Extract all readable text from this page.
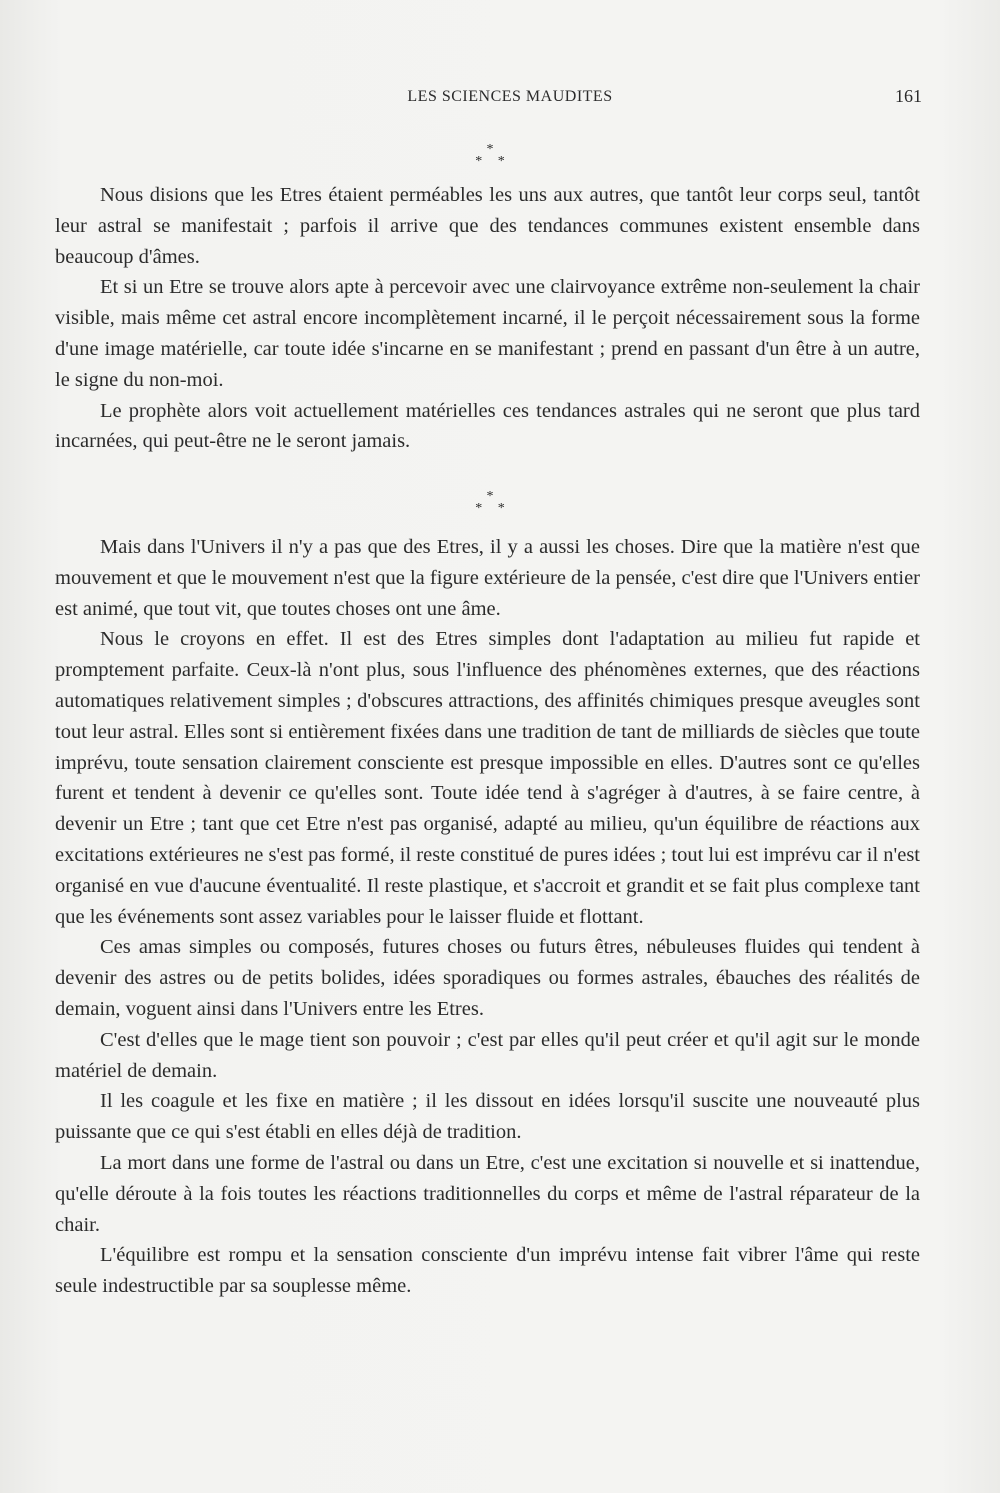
LES SCIENCES MAUDITES	161
*
* *

Nous disions que les Etres étaient perméables les uns aux autres, que tantôt leur corps seul, tantôt leur astral se manifestait ; parfois il arrive que des tendances communes existent ensemble dans beaucoup d'âmes.

Et si un Etre se trouve alors apte à percevoir avec une clairvoyance extrême non-seulement la chair visible, mais même cet astral encore incomplètement incarné, il le perçoit nécessairement sous la forme d'une image matérielle, car toute idée s'incarne en se manifestant ; prend en passant d'un être à un autre, le signe du non-moi.

Le prophète alors voit actuellement matérielles ces tendances astrales qui ne seront que plus tard incarnées, qui peut-être ne le seront jamais.

*
* *

Mais dans l'Univers il n'y a pas que des Etres, il y a aussi les choses. Dire que la matière n'est que mouvement et que le mouvement n'est que la figure extérieure de la pensée, c'est dire que l'Univers entier est animé, que tout vit, que toutes choses ont une âme.

Nous le croyons en effet. Il est des Etres simples dont l'adaptation au milieu fut rapide et promptement parfaite. Ceux-là n'ont plus, sous l'influence des phénomènes externes, que des réactions automatiques relativement simples ; d'obscures attractions, des affinités chimiques presque aveugles sont tout leur astral. Elles sont si entièrement fixées dans une tradition de tant de milliards de siècles que toute imprévu, toute sensation clairement consciente est presque impossible en elles. D'autres sont ce qu'elles furent et tendent à devenir ce qu'elles sont. Toute idée tend à s'agréger à d'autres, à se faire centre, à devenir un Etre ; tant que cet Etre n'est pas organisé, adapté au milieu, qu'un équilibre de réactions aux excitations extérieures ne s'est pas formé, il reste constitué de pures idées ; tout lui est imprévu car il n'est organisé en vue d'aucune éventualité. Il reste plastique, et s'accroit et grandit et se fait plus complexe tant que les événements sont assez variables pour le laisser fluide et flottant.

Ces amas simples ou composés, futures choses ou futurs êtres, nébuleuses fluides qui tendent à devenir des astres ou de petits bolides, idées sporadiques ou formes astrales, ébauches des réalités de demain, voguent ainsi dans l'Univers entre les Etres.

C'est d'elles que le mage tient son pouvoir ; c'est par elles qu'il peut créer et qu'il agit sur le monde matériel de demain.

Il les coagule et les fixe en matière ; il les dissout en idées lorsqu'il suscite une nouveauté plus puissante que ce qui s'est établi en elles déjà de tradition.

La mort dans une forme de l'astral ou dans un Etre, c'est une excitation si nouvelle et si inattendue, qu'elle déroute à la fois toutes les réactions traditionnelles du corps et même de l'astral réparateur de la chair.

L'équilibre est rompu et la sensation consciente d'un imprévu intense fait vibrer l'âme qui reste seule indestructible par sa souplesse même.
